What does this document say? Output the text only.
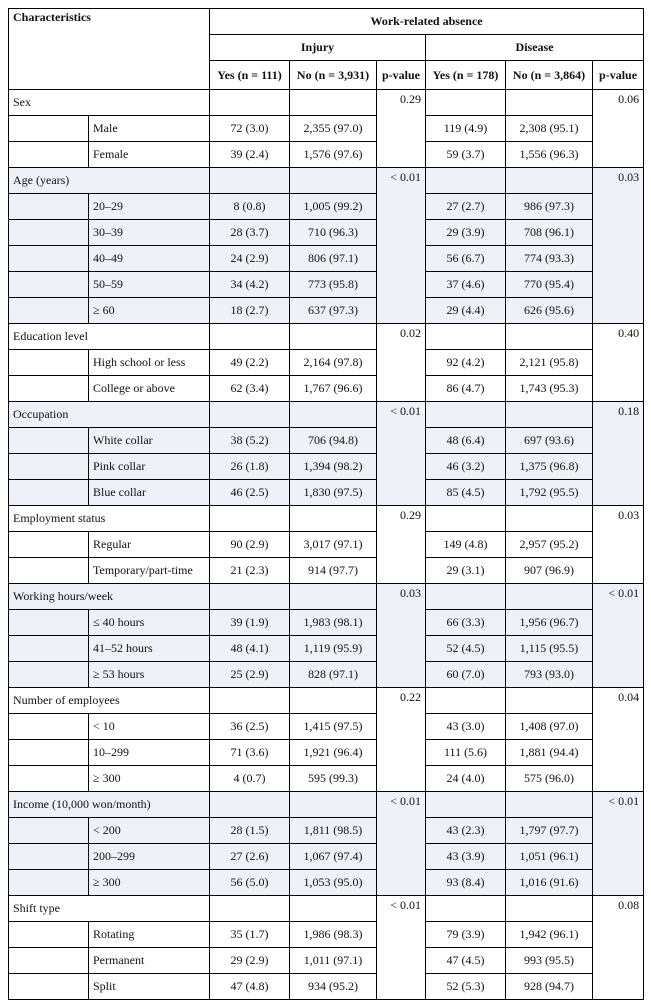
Characteristics		Work-related absence					
		Injury			Disease		
		Yes (n = 111)	No (n = 3,931)	p-value	Yes (n = 178)	No (n = 3,864)	p-value
Sex				0.29			0.06
	Male	72 (3.0)	2,355 (97.0)		119 (4.9)	2,308 (95.1)	
	Female	39 (2.4)	1,576 (97.6)		59 (3.7)	1,556 (96.3)	
Age (years)				< 0.01			0.03
	20–29	8 (0.8)	1,005 (99.2)		27 (2.7)	986 (97.3)	
	30–39	28 (3.7)	710 (96.3)		29 (3.9)	708 (96.1)	
	40–49	24 (2.9)	806 (97.1)		56 (6.7)	774 (93.3)	
	50–59	34 (4.2)	773 (95.8)		37 (4.6)	770 (95.4)	
	≥ 60	18 (2.7)	637 (97.3)		29 (4.4)	626 (95.6)	
Education level				0.02			0.40
	High school or less	49 (2.2)	2,164 (97.8)		92 (4.2)	2,121 (95.8)	
	College or above	62 (3.4)	1,767 (96.6)		86 (4.7)	1,743 (95.3)	
Occupation				< 0.01			0.18
	White collar	38 (5.2)	706 (94.8)		48 (6.4)	697 (93.6)	
	Pink collar	26 (1.8)	1,394 (98.2)		46 (3.2)	1,375 (96.8)	
	Blue collar	46 (2.5)	1,830 (97.5)		85 (4.5)	1,792 (95.5)	
Employment status				0.29			0.03
	Regular	90 (2.9)	3,017 (97.1)		149 (4.8)	2,957 (95.2)	
	Temporary/part-time	21 (2.3)	914 (97.7)		29 (3.1)	907 (96.9)	
Working hours/week				0.03			< 0.01
	≤ 40 hours	39 (1.9)	1,983 (98.1)		66 (3.3)	1,956 (96.7)	
	41–52 hours	48 (4.1)	1,119 (95.9)		52 (4.5)	1,115 (95.5)	
	≥ 53 hours	25 (2.9)	828 (97.1)		60 (7.0)	793 (93.0)	
Number of employees				0.22			0.04
	< 10	36 (2.5)	1,415 (97.5)		43 (3.0)	1,408 (97.0)	
	10–299	71 (3.6)	1,921 (96.4)		111 (5.6)	1,881 (94.4)	
	≥ 300	4 (0.7)	595 (99.3)		24 (4.0)	575 (96.0)	
Income (10,000 won/month)				< 0.01			< 0.01
	< 200	28 (1.5)	1,811 (98.5)		43 (2.3)	1,797 (97.7)	
	200–299	27 (2.6)	1,067 (97.4)		43 (3.9)	1,051 (96.1)	
	≥ 300	56 (5.0)	1,053 (95.0)		93 (8.4)	1,016 (91.6)	
Shift type				< 0.01			0.08
	Rotating	35 (1.7)	1,986 (98.3)		79 (3.9)	1,942 (96.1)	
	Permanent	29 (2.9)	1,011 (97.1)		47 (4.5)	993 (95.5)	
	Split	47 (4.8)	934 (95.2)		52 (5.3)	928 (94.7)	
